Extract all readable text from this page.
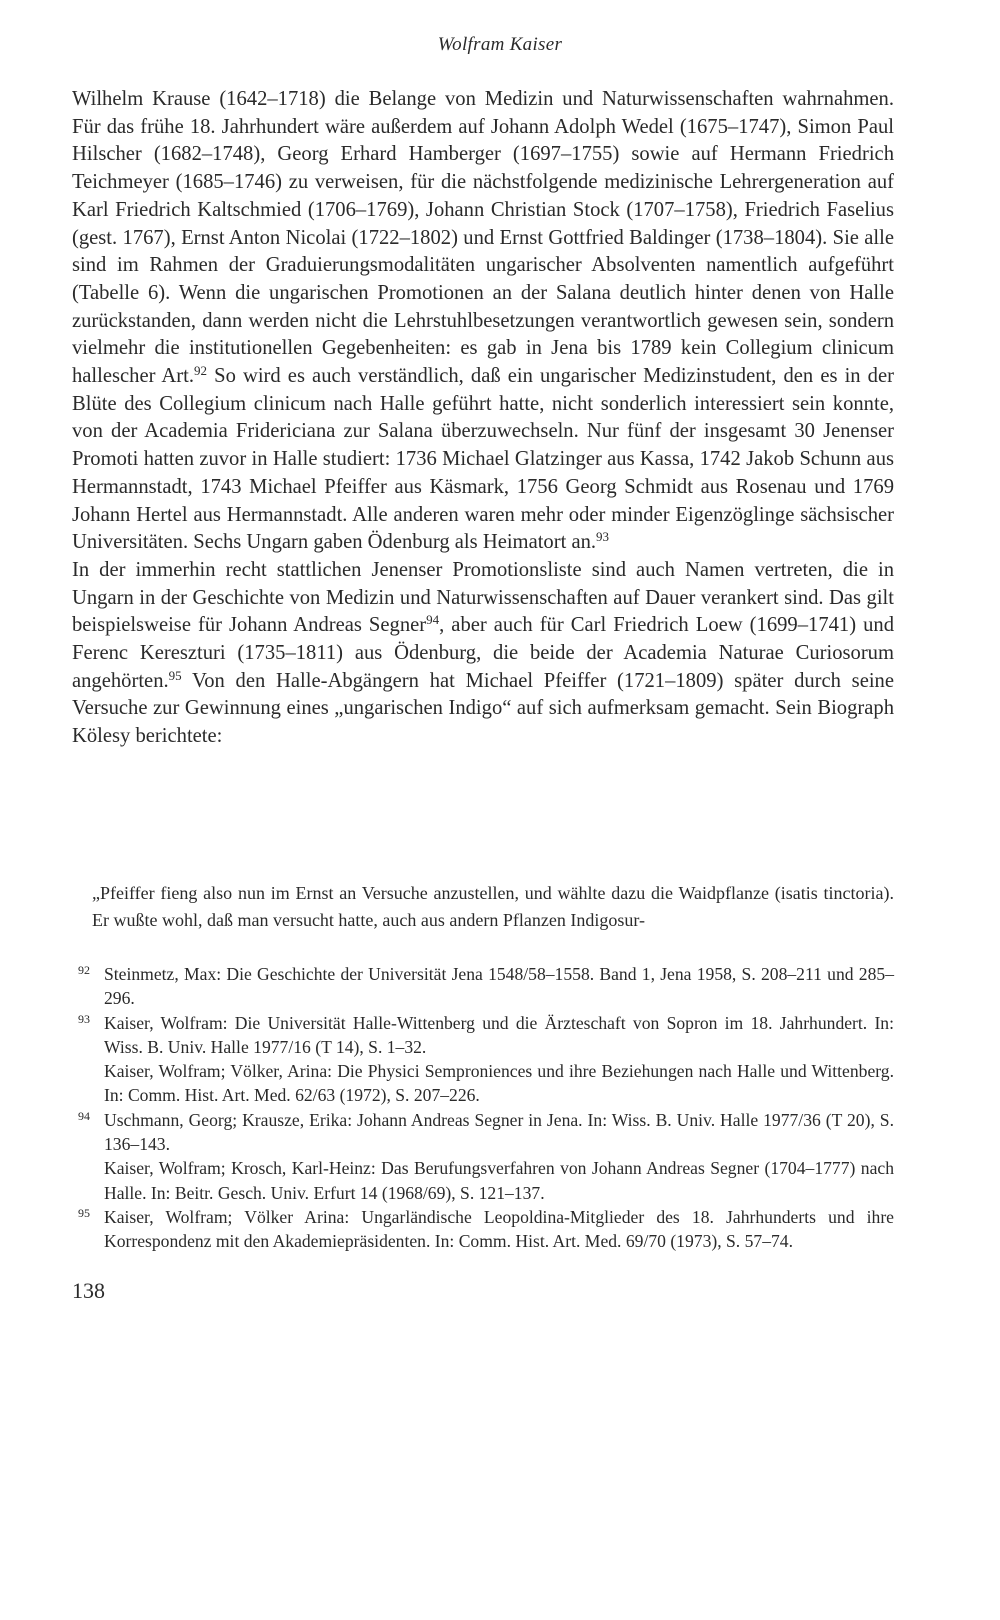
Wolfram Kaiser

Wilhelm Krause (1642–1718) die Belange von Medizin und Naturwissenschaften wahrnahmen. Für das frühe 18. Jahrhundert wäre außerdem auf Johann Adolph Wedel (1675–1747), Simon Paul Hilscher (1682–1748), Georg Erhard Hamberger (1697–1755) sowie auf Hermann Friedrich Teichmeyer (1685–1746) zu verweisen, für die nächstfolgende medizinische Lehrergeneration auf Karl Friedrich Kaltschmied (1706–1769), Johann Christian Stock (1707–1758), Friedrich Faselius (gest. 1767), Ernst Anton Nicolai (1722–1802) und Ernst Gottfried Baldinger (1738–1804). Sie alle sind im Rahmen der Graduierungsmodalitäten ungarischer Absolventen namentlich aufgeführt (Tabelle 6). Wenn die ungarischen Promotionen an der Salana deutlich hinter denen von Halle zurückstanden, dann werden nicht die Lehrstuhlbesetzungen verantwortlich gewesen sein, sondern vielmehr die institutionellen Gegebenheiten: es gab in Jena bis 1789 kein Collegium clinicum hallescher Art.$^{92}$ So wird es auch verständlich, daß ein ungarischer Medizinstudent, den es in der Blüte des Collegium clinicum nach Halle geführt hatte, nicht sonderlich interessiert sein konnte, von der Academia Fridericiana zur Salana überzuwechseln. Nur fünf der insgesamt 30 Jenenser Promoti hatten zuvor in Halle studiert: 1736 Michael Glatzinger aus Kassa, 1742 Jakob Schunn aus Hermannstadt, 1743 Michael Pfeiffer aus Käsmark, 1756 Georg Schmidt aus Rosenau und 1769 Johann Hertel aus Hermannstadt. Alle anderen waren mehr oder minder Eigenzöglinge sächsischer Universitäten. Sechs Ungarn gaben Ödenburg als Heimatort an.$^{93}$

In der immerhin recht stattlichen Jenenser Promotionsliste sind auch Namen vertreten, die in Ungarn in der Geschichte von Medizin und Naturwissenschaften auf Dauer verankert sind. Das gilt beispielsweise für Johann Andreas Segner$^{94}$, aber auch für Carl Friedrich Loew (1699–1741) und Ferenc Kereszturi (1735–1811) aus Ödenburg, die beide der Academia Naturae Curiosorum angehörten.$^{95}$ Von den Halle-Abgängern hat Michael Pfeiffer (1721–1809) später durch seine Versuche zur Gewinnung eines „ungarischen Indigo“ auf sich aufmerksam gemacht. Sein Biograph Kölesy berichtete:

„Pfeiffer fieng also nun im Ernst an Versuche anzustellen, und wählte dazu die Waidpflanze (isatis tinctoria). Er wußte wohl, daß man versucht hatte, auch aus andern Pflanzen Indigosur-
92 Steinmetz, Max: Die Geschichte der Universität Jena 1548/58–1558. Band 1, Jena 1958, S. 208–211 und 285–296.
93 Kaiser, Wolfram: Die Universität Halle-Wittenberg und die Ärzteschaft von Sopron im 18. Jahrhundert. In: Wiss. B. Univ. Halle 1977/16 (T 14), S. 1–32.
Kaiser, Wolfram; Völker, Arina: Die Physici Semproniences und ihre Beziehungen nach Halle und Wittenberg. In: Comm. Hist. Art. Med. 62/63 (1972), S. 207–226.
94 Uschmann, Georg; Krausze, Erika: Johann Andreas Segner in Jena. In: Wiss. B. Univ. Halle 1977/36 (T 20), S. 136–143.
Kaiser, Wolfram; Krosch, Karl-Heinz: Das Berufungsverfahren von Johann Andreas Segner (1704–1777) nach Halle. In: Beitr. Gesch. Univ. Erfurt 14 (1968/69), S. 121–137.
95 Kaiser, Wolfram; Völker Arina: Ungarländische Leopoldina-Mitglieder des 18. Jahrhunderts und ihre Korrespondenz mit den Akademiepräsidenten. In: Comm. Hist. Art. Med. 69/70 (1973), S. 57–74.
138
